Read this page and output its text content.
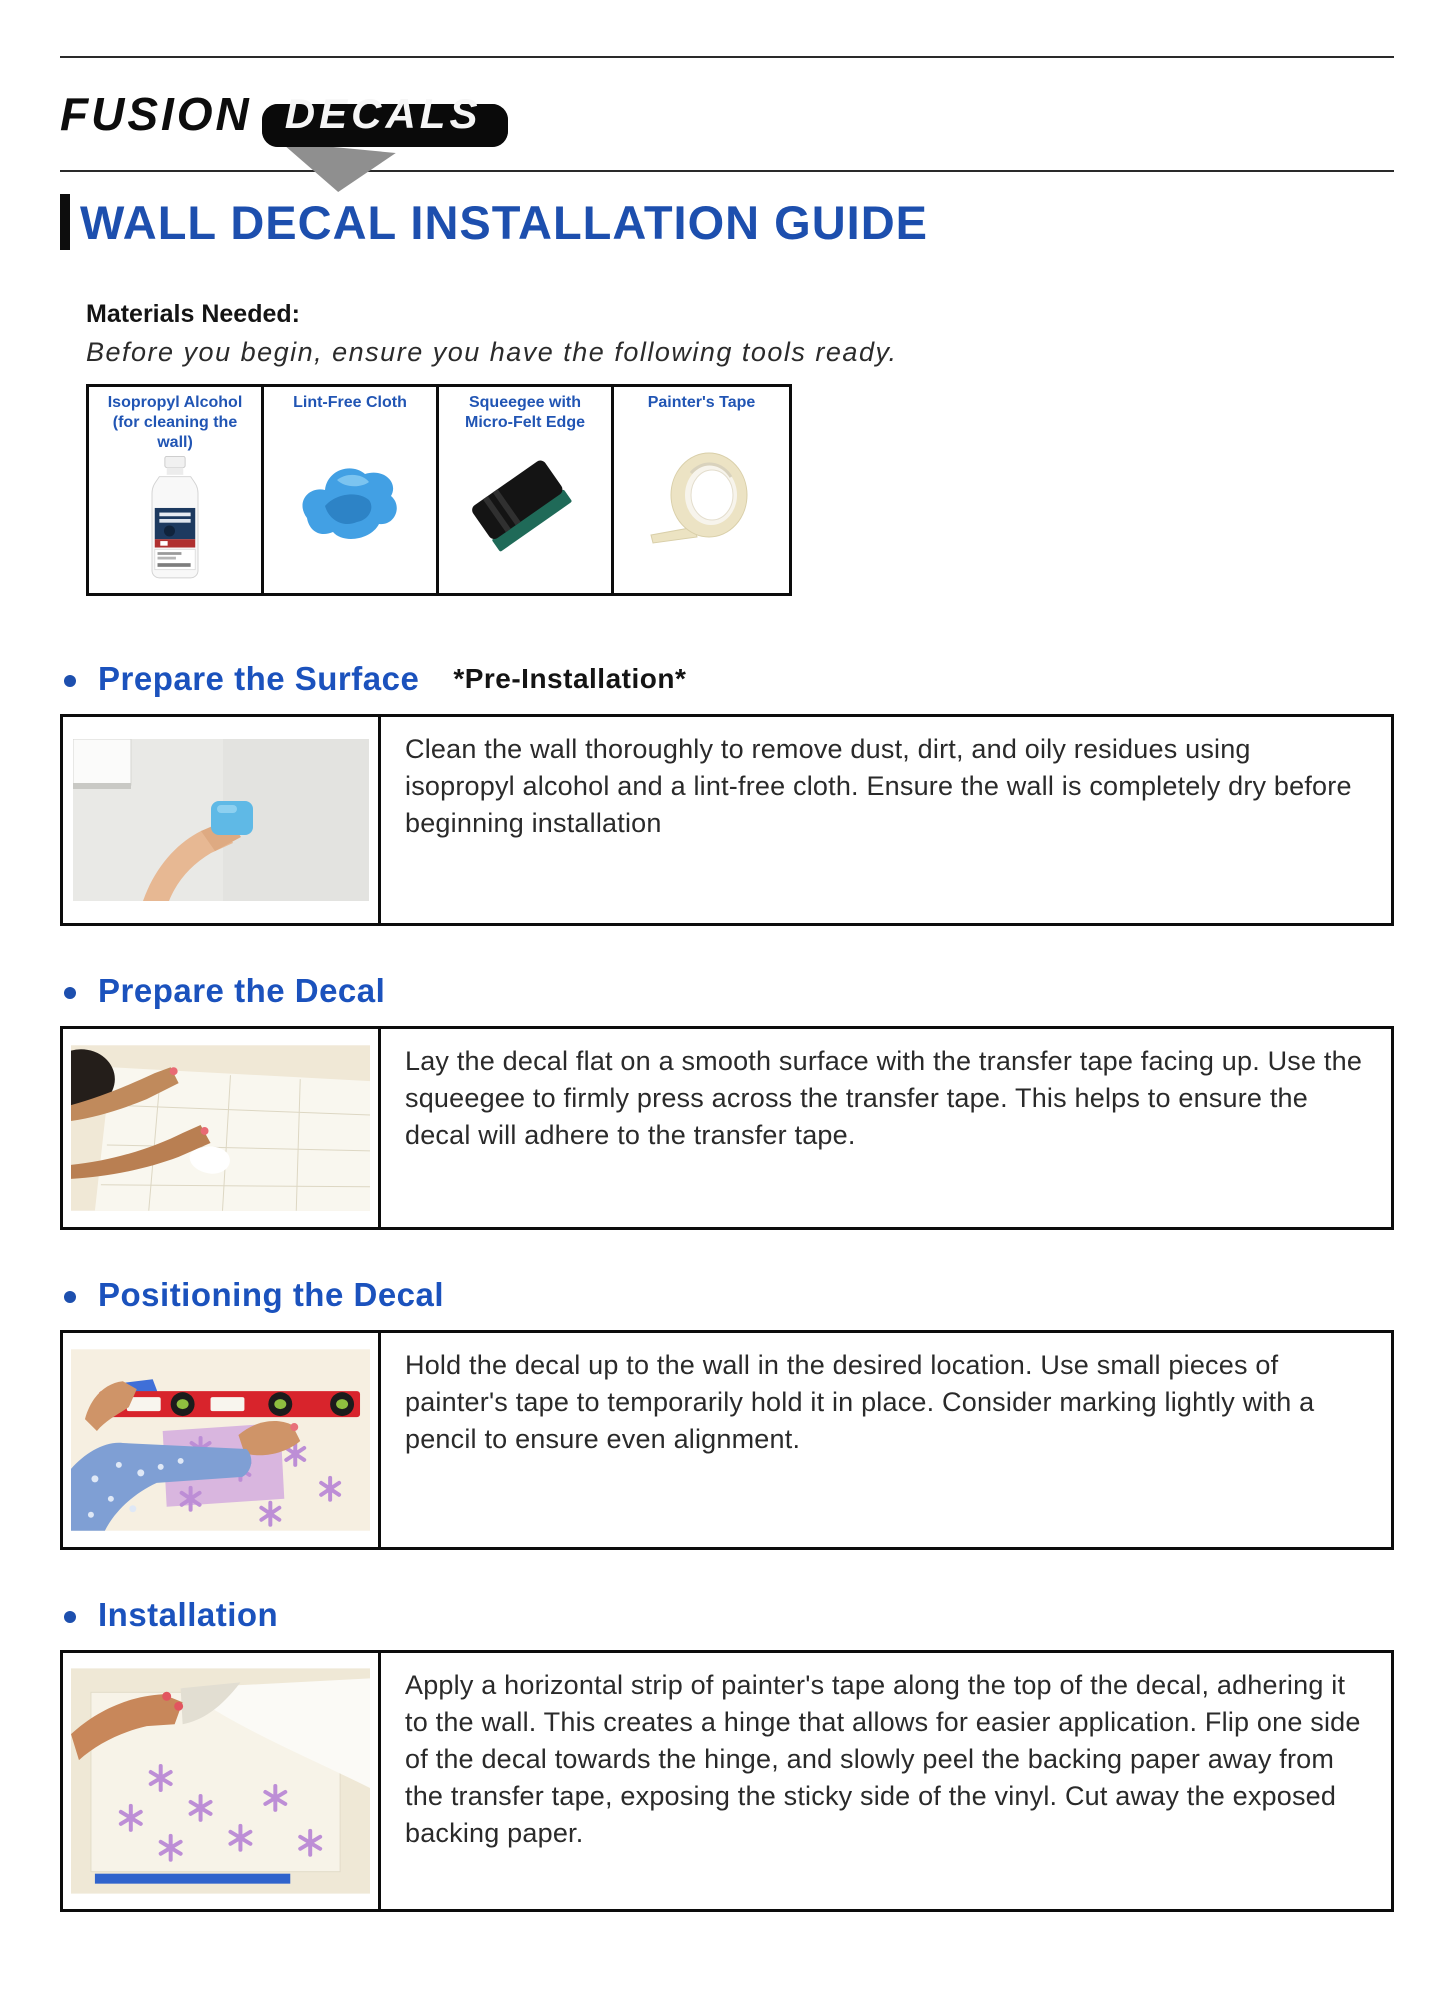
FUSION DECALS
WALL DECAL INSTALLATION GUIDE
Materials Needed:
Before you begin, ensure you have the following tools ready.
Isopropyl Alcohol (for cleaning the wall)
Lint-Free Cloth	Squeegee with Micro-Felt Edge
Painter's Tape
Prepare the Surface *Pre-Installation*
Clean the wall thoroughly to remove dust, dirt, and oily residues using isopropyl alcohol and a lint-free cloth. Ensure the wall is completely dry before beginning installation
Prepare the Decal
Lay the decal flat on a smooth surface with the transfer tape facing up. Use the squeegee to firmly press across the transfer tape. This helps to ensure the decal will adhere to the transfer tape.
Positioning the Decal
Hold the decal up to the wall in the desired location. Use small pieces of painter's tape to temporarily hold it in place. Consider marking lightly with a pencil to ensure even alignment.
Installation
Apply a horizontal strip of painter's tape along the top of the decal, adhering it to the wall. This creates a hinge that allows for easier application. Flip one side of the decal towards the hinge, and slowly peel the backing paper away from the transfer tape, exposing the sticky side of the vinyl. Cut away the exposed backing paper.
